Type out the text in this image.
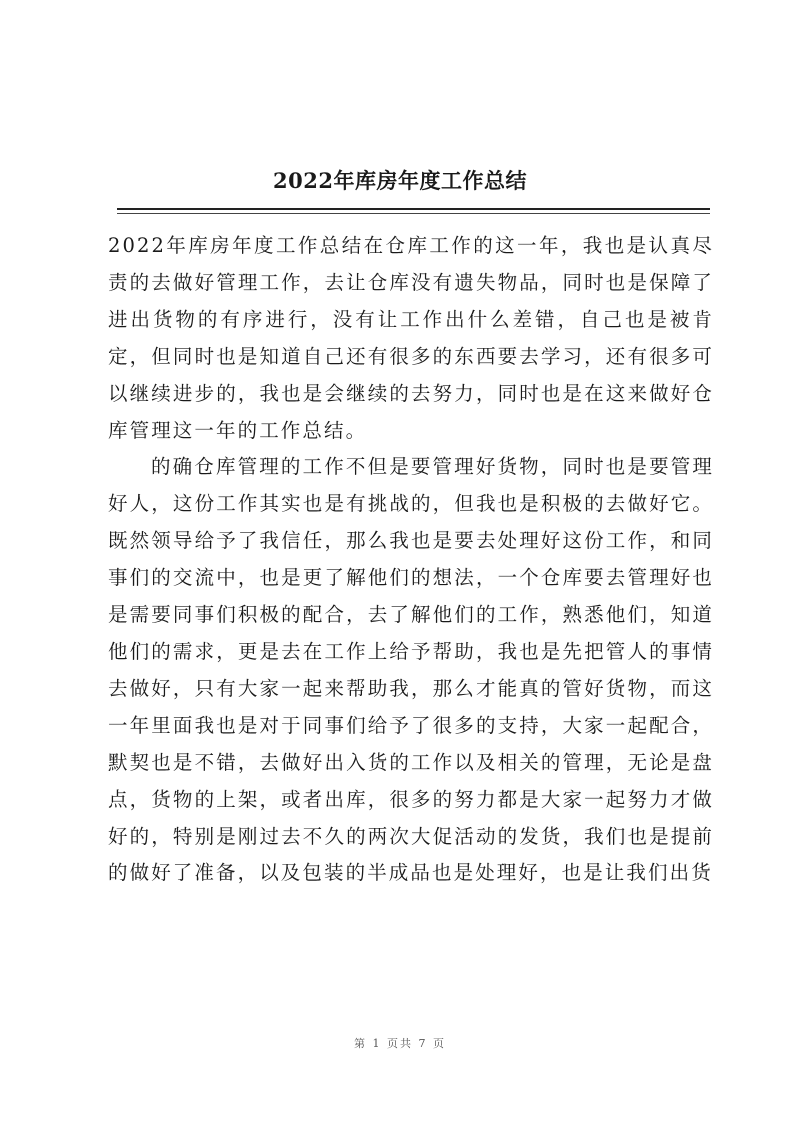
2022年库房年度工作总结

2022年库房年度工作总结在仓库工作的这一年，我也是认真尽责的去做好管理工作，去让仓库没有遗失物品，同时也是保障了进出货物的有序进行，没有让工作出什么差错，自己也是被肯定，但同时也是知道自己还有很多的东西要去学习，还有很多可以继续进步的，我也是会继续的去努力，同时也是在这来做好仓库管理这一年的工作总结。

的确仓库管理的工作不但是要管理好货物，同时也是要管理好人，这份工作其实也是有挑战的，但我也是积极的去做好它。既然领导给予了我信任，那么我也是要去处理好这份工作，和同事们的交流中，也是更了解他们的想法，一个仓库要去管理好也是需要同事们积极的配合，去了解他们的工作，熟悉他们，知道他们的需求，更是去在工作上给予帮助，我也是先把管人的事情去做好，只有大家一起来帮助我，那么才能真的管好货物，而这一年里面我也是对于同事们给予了很多的支持，大家一起配合，默契也是不错，去做好出入货的工作以及相关的管理，无论是盘点，货物的上架，或者出库，很多的努力都是大家一起努力才做好的，特别是刚过去不久的两次大促活动的发货，我们也是提前的做好了准备，以及包装的半成品也是处理好，也是让我们出货

第 1 页共 7 页
